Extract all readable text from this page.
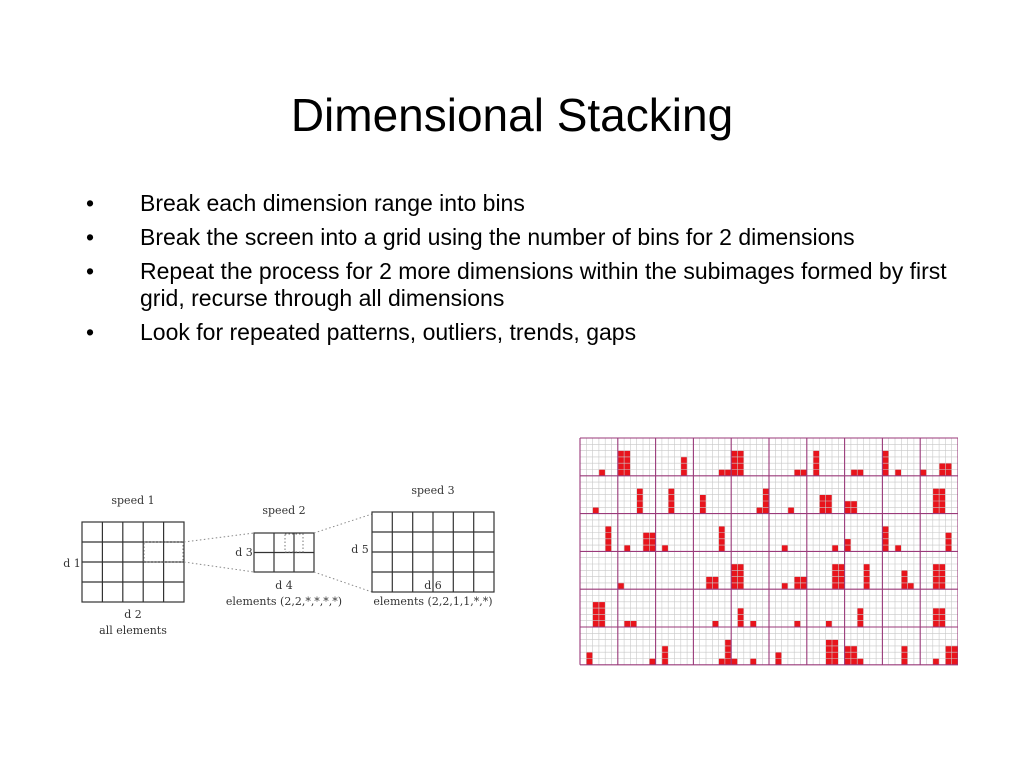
Dimensional Stacking
•	Break each dimension range into bins
•	Break the screen into a grid using the number of bins for 2 dimensions
•	Repeat the process for 2 more dimensions within the subimages formed by first grid, recurse through all dimensions
•	Look for repeated patterns, outliers, trends, gaps
speed 1
d 1
d 2
all elements
speed 2
d 3
d 4
elements (2,2,*,*,*,*)
speed 3
d 5
d 6
elements (2,2,1,1,*,*)
